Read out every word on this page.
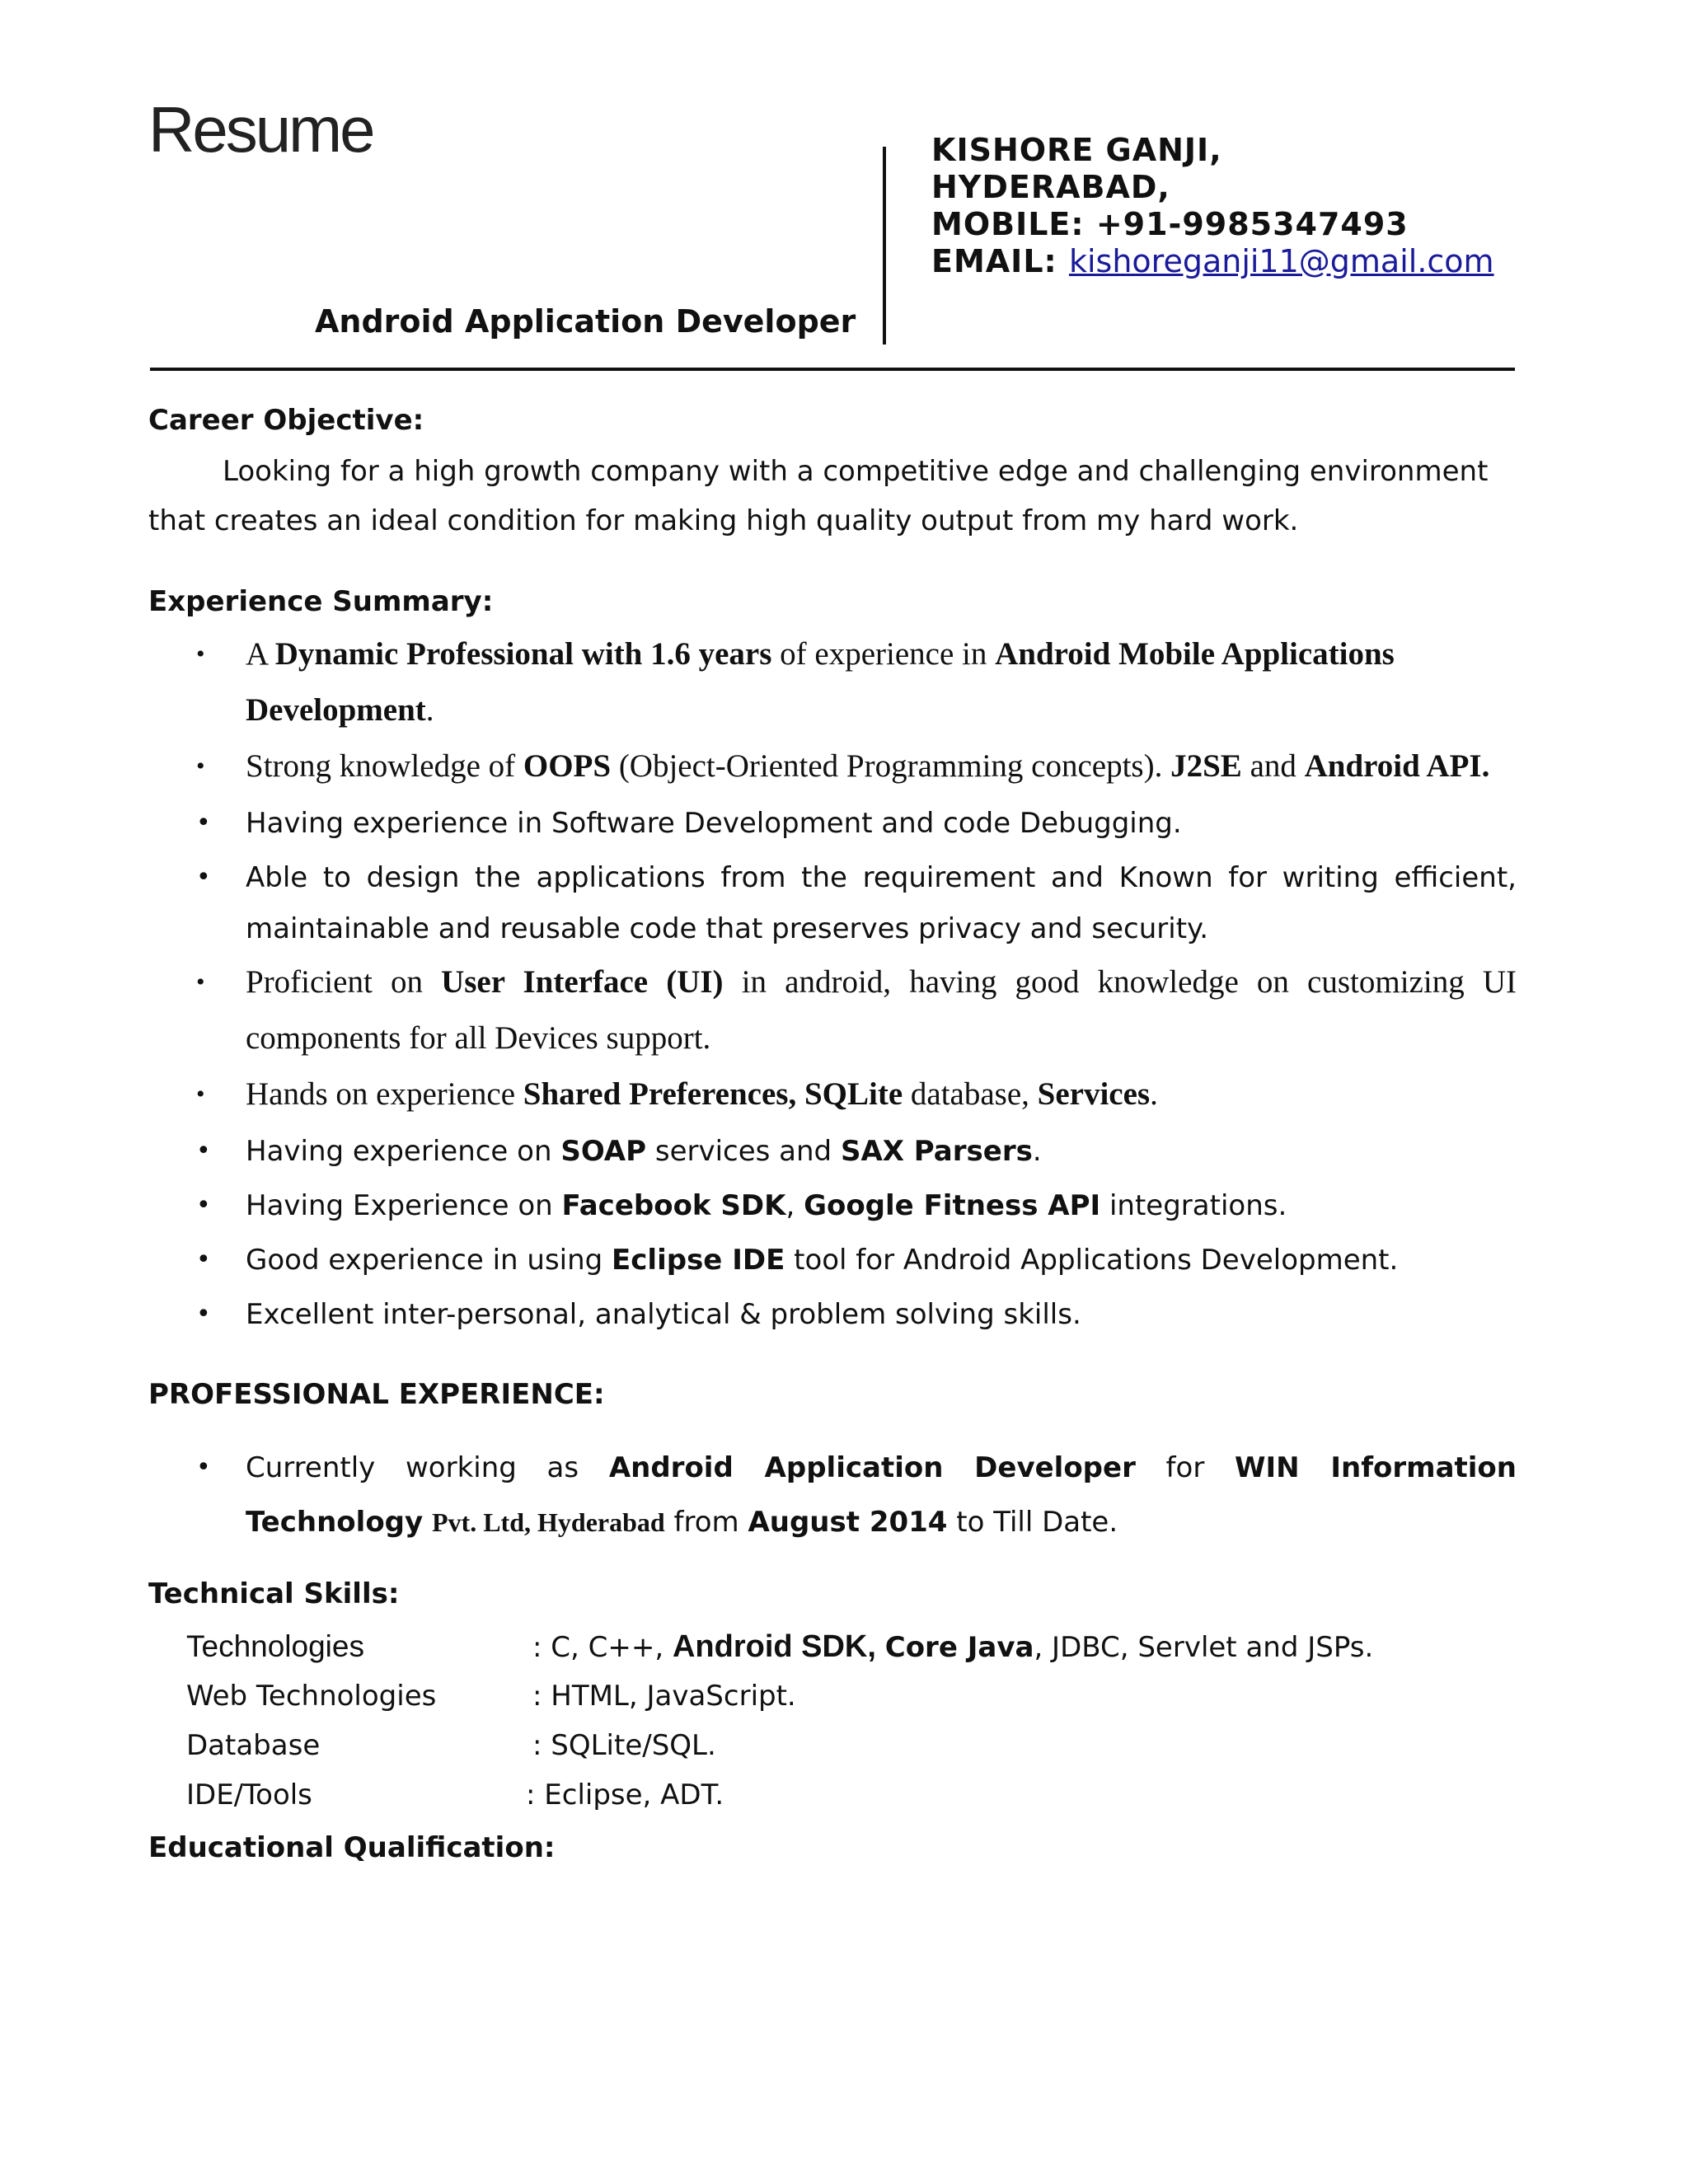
Resume
Android Application Developer
KISHORE GANJI,
HYDERABAD,
MOBILE: +91-9985347493
EMAIL: kishoreganji11@gmail.com
Career Objective:

Looking for a high growth company with a competitive edge and challenging environment that creates an ideal condition for making high quality output from my hard work.

Experience Summary:
• A Dynamic Professional with 1.6 years of experience in Android Mobile Applications Development.
• Strong knowledge of OOPS (Object-Oriented Programming concepts). J2SE and Android API.
• Having experience in Software Development and code Debugging.
• Able to design the applications from the requirement and Known for writing efficient, maintainable and reusable code that preserves privacy and security.
• Proficient on User Interface (UI) in android, having good knowledge on customizing UI components for all Devices support.
• Hands on experience Shared Preferences, SQLite database, Services.
• Having experience on SOAP services and SAX Parsers.
• Having Experience on Facebook SDK, Google Fitness API integrations.
• Good experience in using Eclipse IDE tool for Android Applications Development.
• Excellent inter-personal, analytical & problem solving skills.
PROFESSIONAL EXPERIENCE:
• Currently working as Android Application Developer for WIN Information Technology Pvt. Ltd, Hyderabad from August 2014 to Till Date.
Technical Skills:
Technologies	: C, C++, Android SDK, Core Java, JDBC, Servlet and JSPs.
Web Technologies	: HTML, JavaScript.
Database	: SQLite/SQL.
IDE/Tools	: Eclipse, ADT.
Educational Qualification:
